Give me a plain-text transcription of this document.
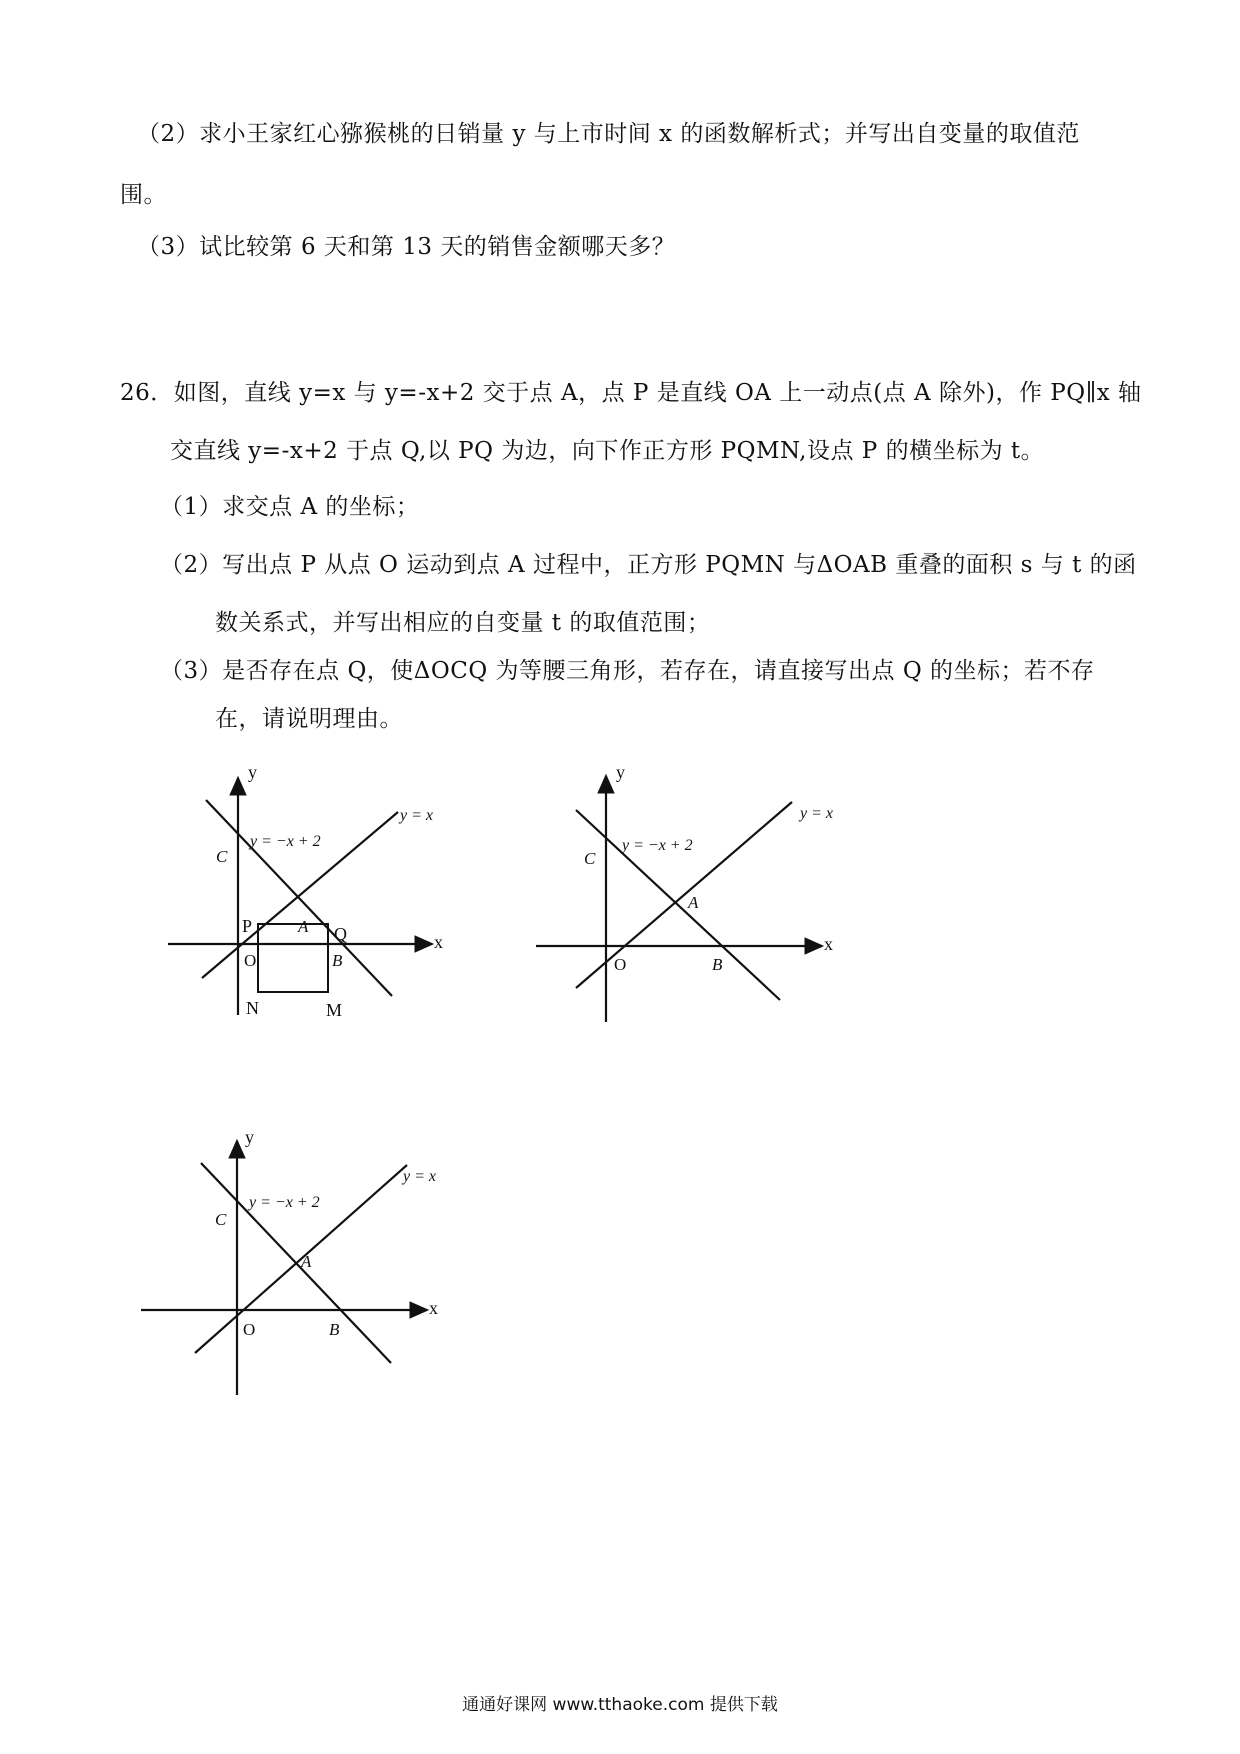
（2）求小王家红心猕猴桃的日销量 y 与上市时间 x 的函数解析式；并写出自变量的取值范
围。
（3）试比较第 6 天和第 13 天的销售金额哪天多？
26．如图，直线 y=x 与 y=-x+2 交于点 A，点 P 是直线 OA 上一动点(点 A 除外)，作 PQ∥x 轴
交直线 y=-x+2 于点 Q,以 PQ 为边，向下作正方形 PQMN,设点 P 的横坐标为 t。
（1）求交点 A 的坐标；
（2）写出点 P 从点 O 运动到点 A 过程中，正方形 PQMN 与ΔOAB 重叠的面积 s 与 t 的函
数关系式，并写出相应的自变量 t 的取值范围；
（3）是否存在点 Q，使ΔOCQ 为等腰三角形，若存在，请直接写出点 Q 的坐标；若不存
在，请说明理由。
y
x
y = x
y = −x + 2
C
A
P	Q
O	B
N	M
y
x
y = x
y = −x + 2
C
A
O	B
y
x
y = x
y = −x + 2
C
A
O	B
通通好课网 www.tthaoke.com 提供下载
